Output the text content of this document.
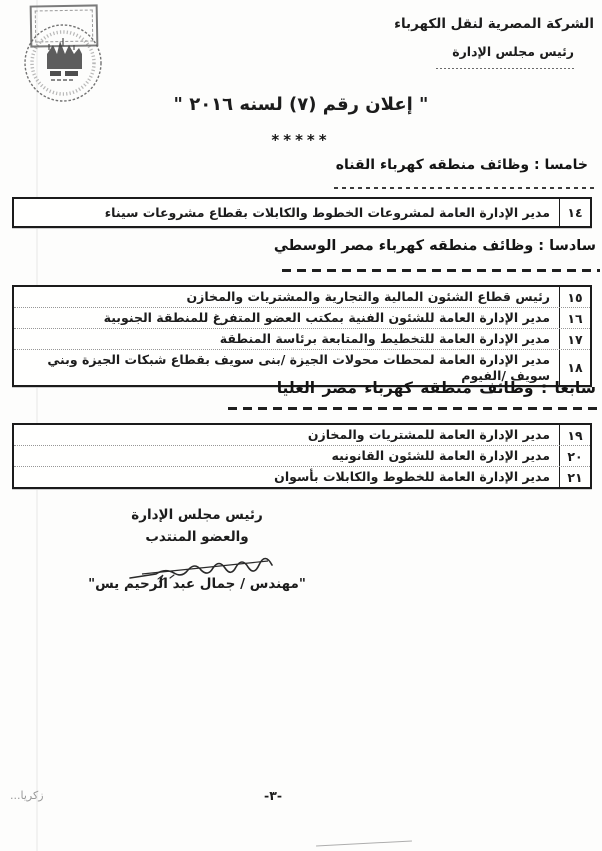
الشركة المصرية لنقل الكهرباء
رئيس مجلس الإدارة
" إعلان رقم (٧) لسنه ٢٠١٦ "
*****
خامسا : وظائف منطقه كهرباء القناه
١٤
مدير الإدارة العامة لمشروعات الخطوط والكابلات بقطاع مشروعات سيناء
سادسا : وظائف منطقه كهرباء مصر الوسطي
١٥
رئيس قطاع الشئون المالية والتجارية والمشتريات والمخازن
١٦
مدير الإدارة العامة للشئون الفنية بمكتب العضو المتفرغ للمنطقة الجنوبية
١٧
مدير الإدارة العامة للتخطيط والمتابعة برئاسة المنطقة
١٨
مدير الإدارة العامة لمحطات محولات الجيزة /بنى سويف بقطاع شبكات الجيزة وبني سويف /الفيوم
سابعا : وظائف منطقه كهرباء مصر العليا
١٩
مدير الإدارة العامة للمشتريات والمخازن
٢٠
مدير الإدارة العامة للشئون القانونيه
٢١
مدير الإدارة العامة للخطوط والكابلات بأسوان
رئيس مجلس الإدارة
والعضو المنتدب
"مهندس / جمال عبد الرحيم يس"
-٣-
زكريا...
